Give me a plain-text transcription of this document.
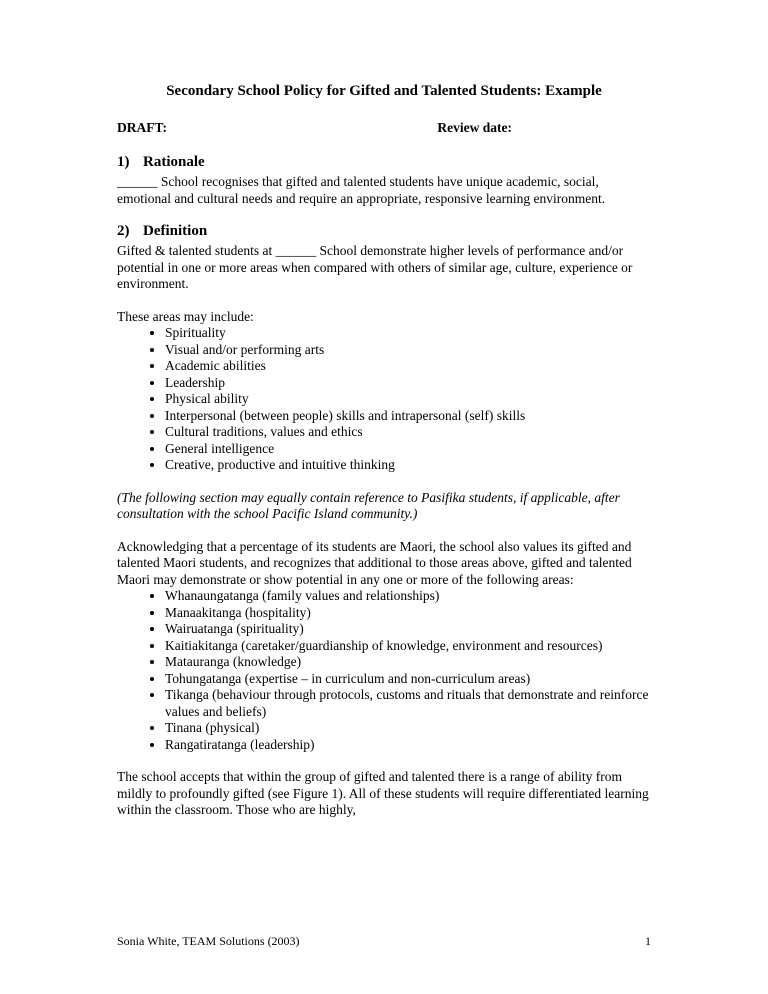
Secondary School Policy for Gifted and Talented Students: Example
DRAFT:	Review date:
1) Rationale

______ School recognises that gifted and talented students have unique academic, social, emotional and cultural needs and require an appropriate, responsive learning environment.

2) Definition

Gifted & talented students at ______ School demonstrate higher levels of performance and/or potential in one or more areas when compared with others of similar age, culture, experience or environment.

These areas may include:

• Spirituality
• Visual and/or performing arts
• Academic abilities
• Leadership
• Physical ability
• Interpersonal (between people) skills and intrapersonal (self) skills
• Cultural traditions, values and ethics
• General intelligence
• Creative, productive and intuitive thinking

(The following section may equally contain reference to Pasifika students, if applicable, after consultation with the school Pacific Island community.)

Acknowledging that a percentage of its students are Maori, the school also values its gifted and talented Maori students, and recognizes that additional to those areas above, gifted and talented Maori may demonstrate or show potential in any one or more of the following areas:

• Whanaungatanga (family values and relationships)
• Manaakitanga (hospitality)
• Wairuatanga (spirituality)
• Kaitiakitanga (caretaker/guardianship of knowledge, environment and resources)
• Matauranga (knowledge)
• Tohungatanga (expertise – in curriculum and non-curriculum areas)
• Tikanga (behaviour through protocols, customs and rituals that demonstrate and reinforce values and beliefs)
• Tinana (physical)
• Rangatiratanga (leadership)

The school accepts that within the group of gifted and talented there is a range of ability from mildly to profoundly gifted (see Figure 1). All of these students will require differentiated learning within the classroom. Those who are highly,

Sonia White, TEAM Solutions (2003)	1
